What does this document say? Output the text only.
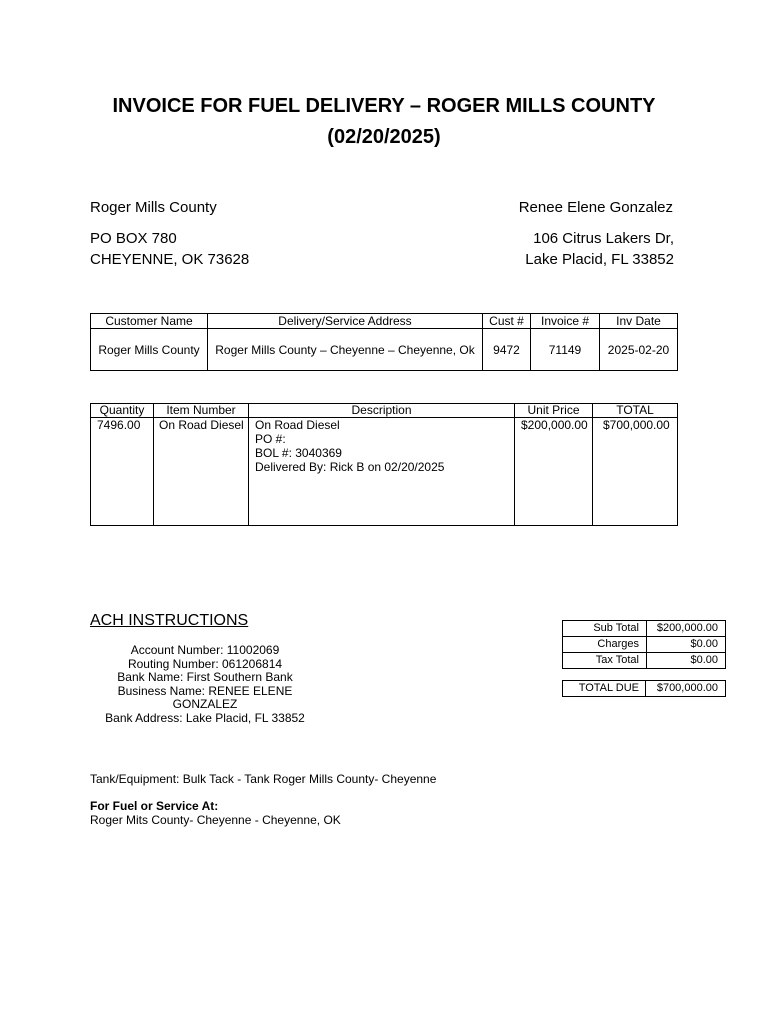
INVOICE FOR FUEL DELIVERY – ROGER MILLS COUNTY
(02/20/2025)
Roger Mills County
PO BOX 780
CHEYENNE, OK 73628
Renee Elene Gonzalez
106 Citrus Lakers Dr,
Lake Placid, FL 33852
Customer Name	Delivery/Service Address	Cust #	Invoice #	Inv Date
Roger Mills County	Roger Mills County – Cheyenne – Cheyenne, Ok	9472	71149	2025-02-20
Quantity	Item Number	Description	Unit Price	TOTAL
7496.00	On Road Diesel	On Road Diesel
PO #:
BOL #: 3040369
Delivered By: Rick B on 02/20/2025	$200,000.00	$700,000.00
ACH INSTRUCTIONS
Account Number: 11002069
Routing Number: 061206814
Bank Name: First Southern Bank
Business Name: RENEE ELENE GONZALEZ
Bank Address: Lake Placid, FL 33852
Sub Total	$200,000.00
Charges	$0.00
Tax Total	$0.00
TOTAL DUE	$700,000.00
Tank/Equipment: Bulk Tack - Tank Roger Mills County- Cheyenne
For Fuel or Service At:
Roger Mits County- Cheyenne - Cheyenne, OK
